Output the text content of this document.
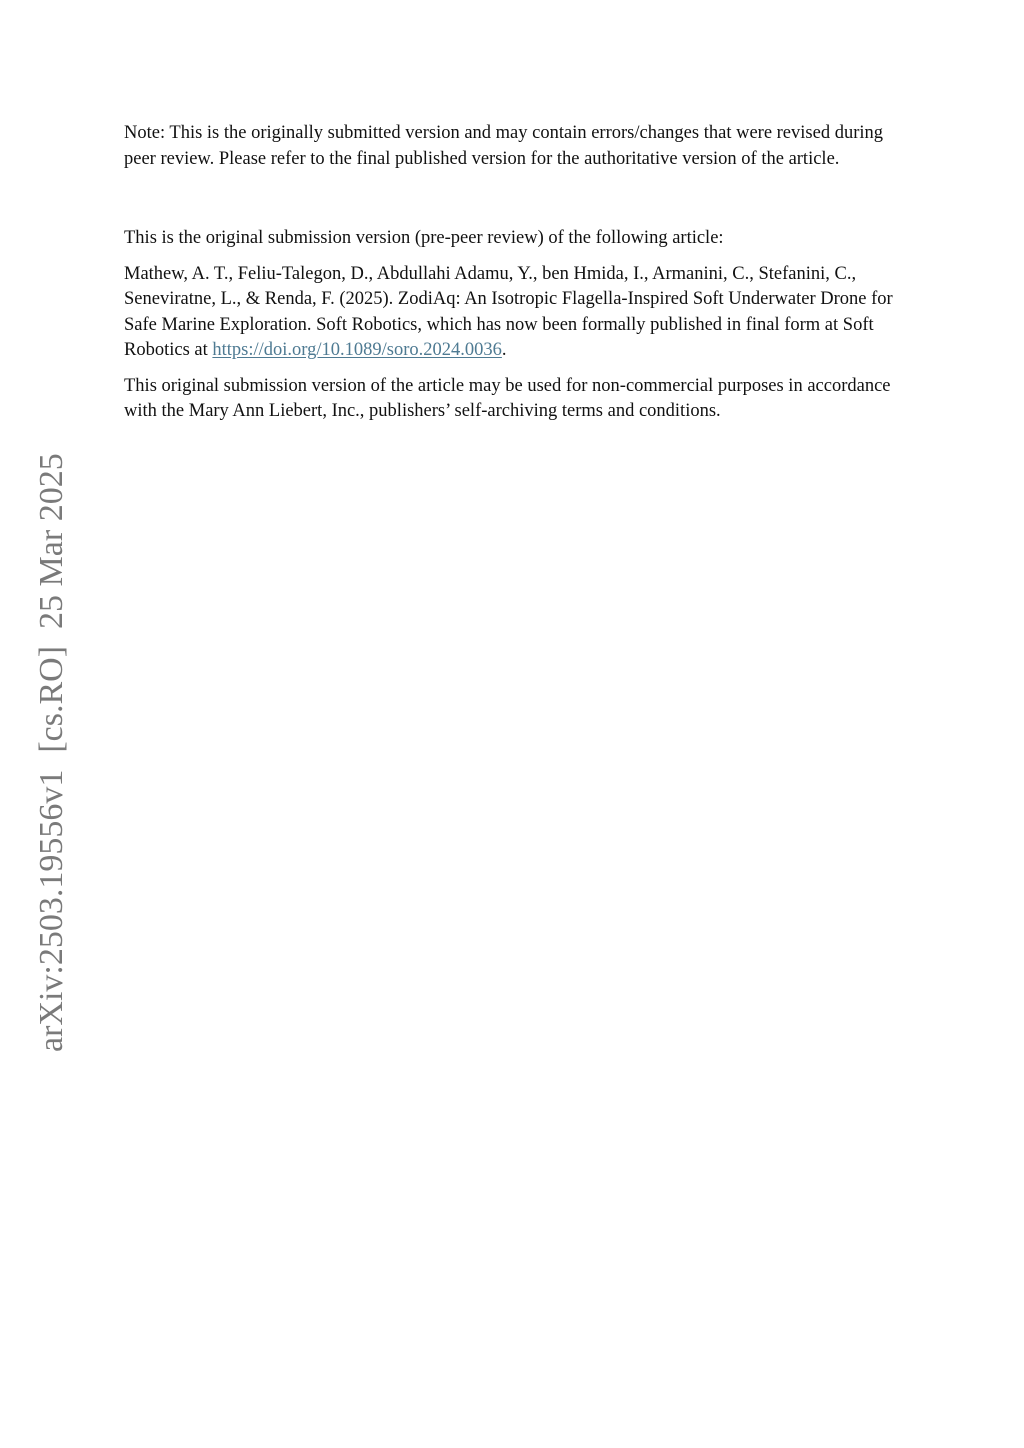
arXiv:2503.19556v1  [cs.RO]  25 Mar 2025

Note: This is the originally submitted version and may contain errors/changes that were revised during peer review. Please refer to the final published version for the authoritative version of the article.

This is the original submission version (pre-peer review) of the following article:

Mathew, A. T., Feliu-Talegon, D., Abdullahi Adamu, Y., ben Hmida, I., Armanini, C., Stefanini, C., Seneviratne, L., & Renda, F. (2025). ZodiAq: An Isotropic Flagella-Inspired Soft Underwater Drone for Safe Marine Exploration. Soft Robotics, which has now been formally published in final form at Soft Robotics at https://doi.org/10.1089/soro.2024.0036.

This original submission version of the article may be used for non-commercial purposes in accordance with the Mary Ann Liebert, Inc., publishers’ self-archiving terms and conditions.
